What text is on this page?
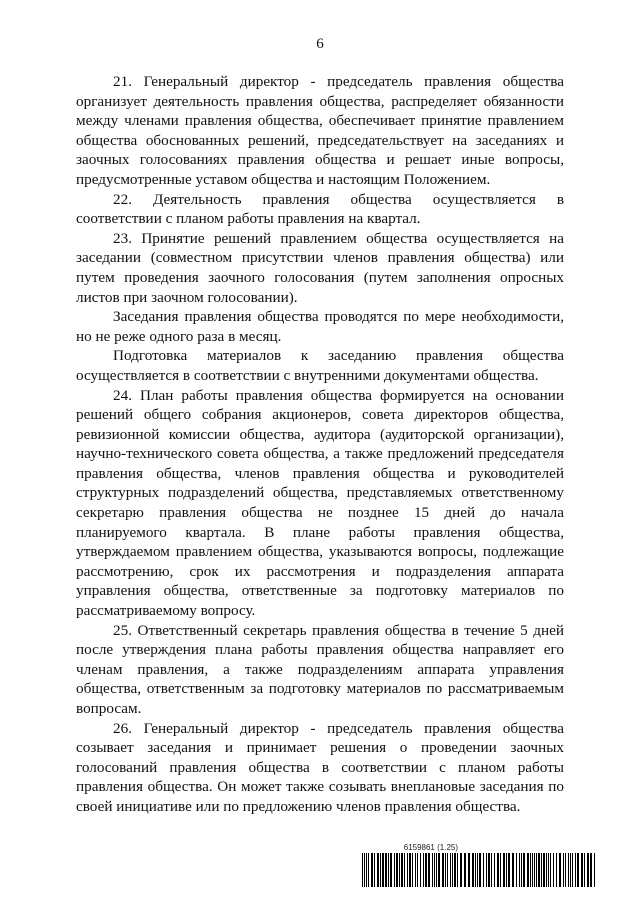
6

21. Генеральный директор - председатель правления общества организует деятельность правления общества, распределяет обязанности между членами правления общества, обеспечивает принятие правлением общества обоснованных решений, председательствует на заседаниях и заочных голосованиях правления общества и решает иные вопросы, предусмотренные уставом общества и настоящим Положением.

22. Деятельность правления общества осуществляется в соответствии с планом работы правления на квартал.

23. Принятие решений правлением общества осуществляется на заседании (совместном присутствии членов правления общества) или путем проведения заочного голосования (путем заполнения опросных листов при заочном голосовании).

Заседания правления общества проводятся по мере необходимости, но не реже одного раза в месяц.

Подготовка материалов к заседанию правления общества осуществляется в соответствии с внутренними документами общества.

24. План работы правления общества формируется на основании решений общего собрания акционеров, совета директоров общества, ревизионной комиссии общества, аудитора (аудиторской организации), научно-технического совета общества, а также предложений председателя правления общества, членов правления общества и руководителей структурных подразделений общества, представляемых ответственному секретарю правления общества не позднее 15 дней до начала планируемого квартала. В плане работы правления общества, утверждаемом правлением общества, указываются вопросы, подлежащие рассмотрению, срок их рассмотрения и подразделения аппарата управления общества, ответственные за подготовку материалов по рассматриваемому вопросу.

25. Ответственный секретарь правления общества в течение 5 дней после утверждения плана работы правления общества направляет его членам правления, а также подразделениям аппарата управления общества, ответственным за подготовку материалов по рассматриваемым вопросам.

26. Генеральный директор - председатель правления общества созывает заседания и принимает решения о проведении заочных голосований правления общества в соответствии с планом работы правления общества. Он может также созывать внеплановые заседания по своей инициативе или по предложению членов правления общества.

6159861 (1.25)
